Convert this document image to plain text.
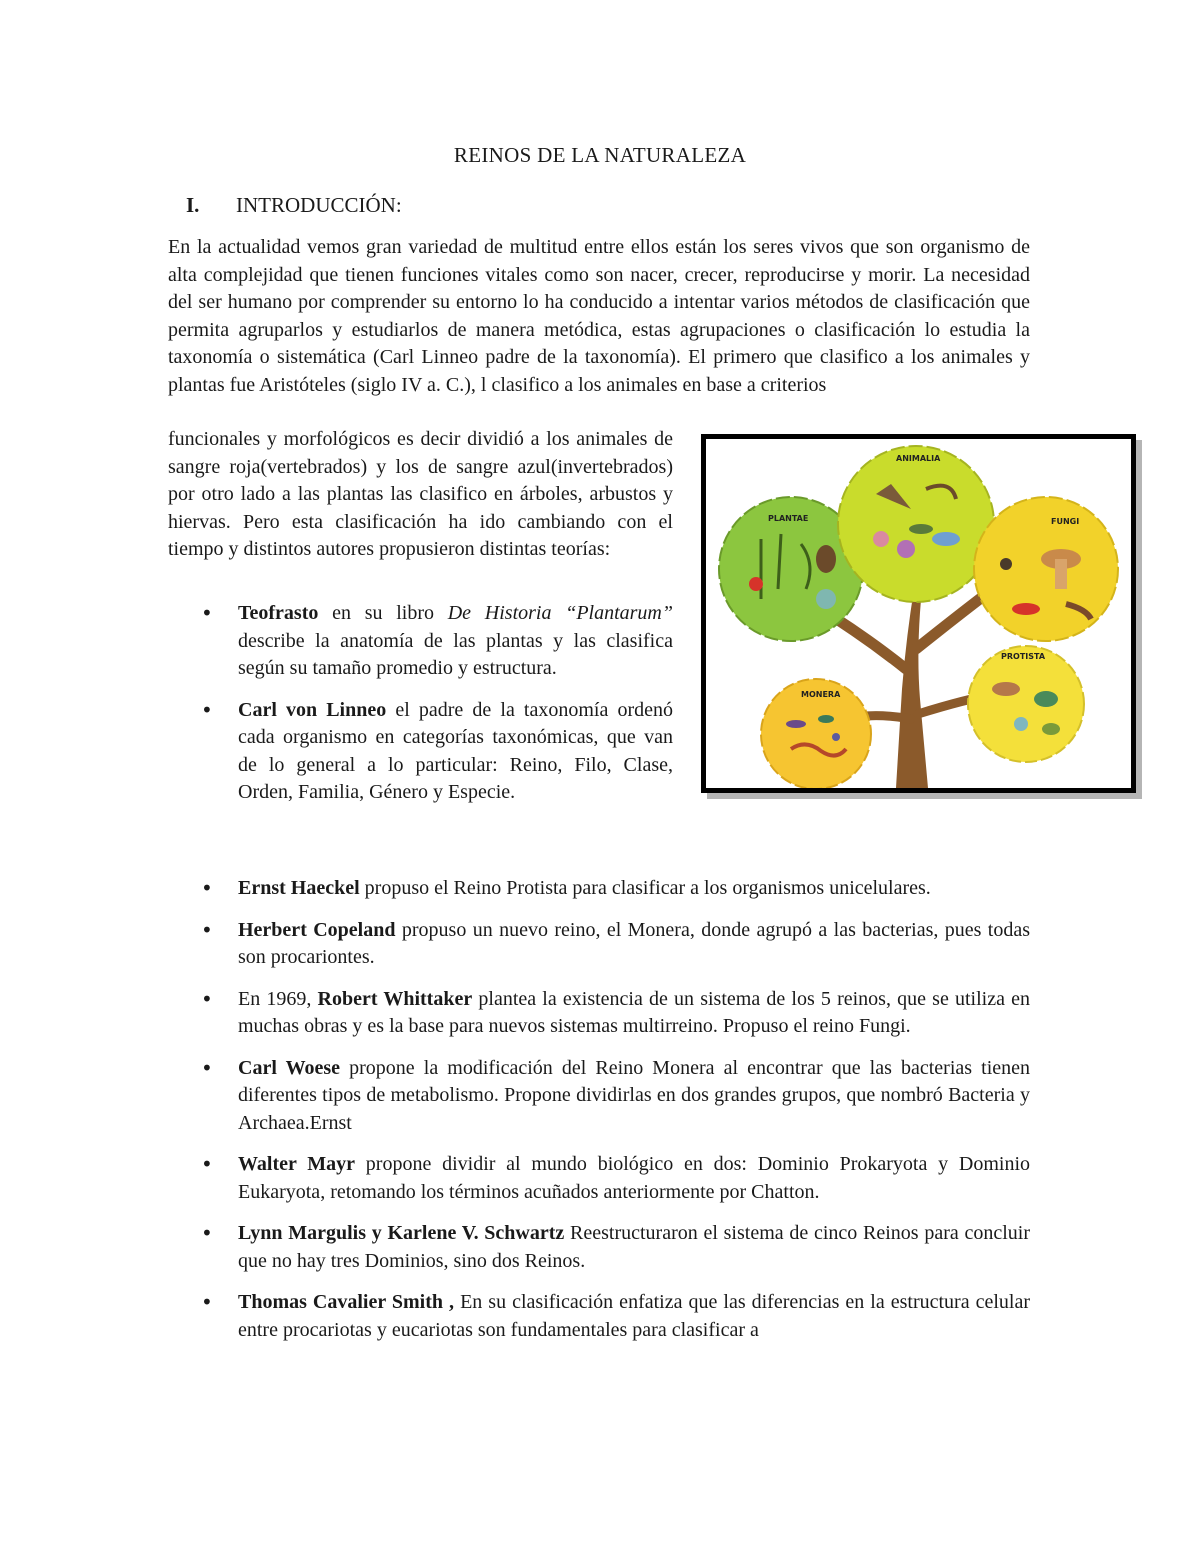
REINOS DE LA NATURALEZA
I. INTRODUCCIÓN:
En la actualidad vemos gran variedad de multitud entre ellos están los seres vivos que son organismo de alta complejidad que tienen funciones vitales como son nacer, crecer, reproducirse y morir. La necesidad del ser humano por comprender su entorno lo ha conducido a intentar varios métodos de clasificación que permita agruparlos y estudiarlos de manera metódica, estas agrupaciones o clasificación lo estudia la taxonomía o sistemática (Carl Linneo padre de la taxonomía). El primero que clasifico a los animales y plantas fue Aristóteles (siglo IV a. C.), l clasifico a los animales en base a criterios
funcionales y morfológicos es decir dividió a los animales de sangre roja(vertebrados) y los de sangre azul(invertebrados) por otro lado a las plantas las clasifico en árboles, arbustos y hiervas. Pero esta clasificación ha ido cambiando con el tiempo y distintos autores propusieron distintas teorías:
• Teofrasto en su libro De Historia “Plantarum” describe la anatomía de las plantas y las clasifica según su tamaño promedio y estructura.
• Carl von Linneo el padre de la taxonomía ordenó cada organismo en categorías taxonómicas, que van de lo general a lo particular: Reino, Filo, Clase, Orden, Familia, Género y Especie.
• Ernst Haeckel propuso el Reino Protista para clasificar a los organismos unicelulares.
• Herbert Copeland propuso un nuevo reino, el Monera, donde agrupó a las bacterias, pues todas son procariontes.
• En 1969, Robert Whittaker plantea la existencia de un sistema de los 5 reinos, que se utiliza en muchas obras y es la base para nuevos sistemas multirreino. Propuso el reino Fungi.
• Carl Woese propone la modificación del Reino Monera al encontrar que las bacterias tienen diferentes tipos de metabolismo. Propone dividirlas en dos grandes grupos, que nombró Bacteria y Archaea.Ernst
• Walter Mayr propone dividir al mundo biológico en dos: Dominio Prokaryota y Dominio Eukaryota, retomando los términos acuñados anteriormente por Chatton.
• Lynn Margulis y Karlene V. Schwartz Reestructuraron el sistema de cinco Reinos para concluir que no hay tres Dominios, sino dos Reinos.
• Thomas Cavalier Smith , En su clasificación enfatiza que las diferencias en la estructura celular entre procariotas y eucariotas son fundamentales para clasificar a
PLANTAE
ANIMALIA
FUNGI
MONERA
PROTISTA
